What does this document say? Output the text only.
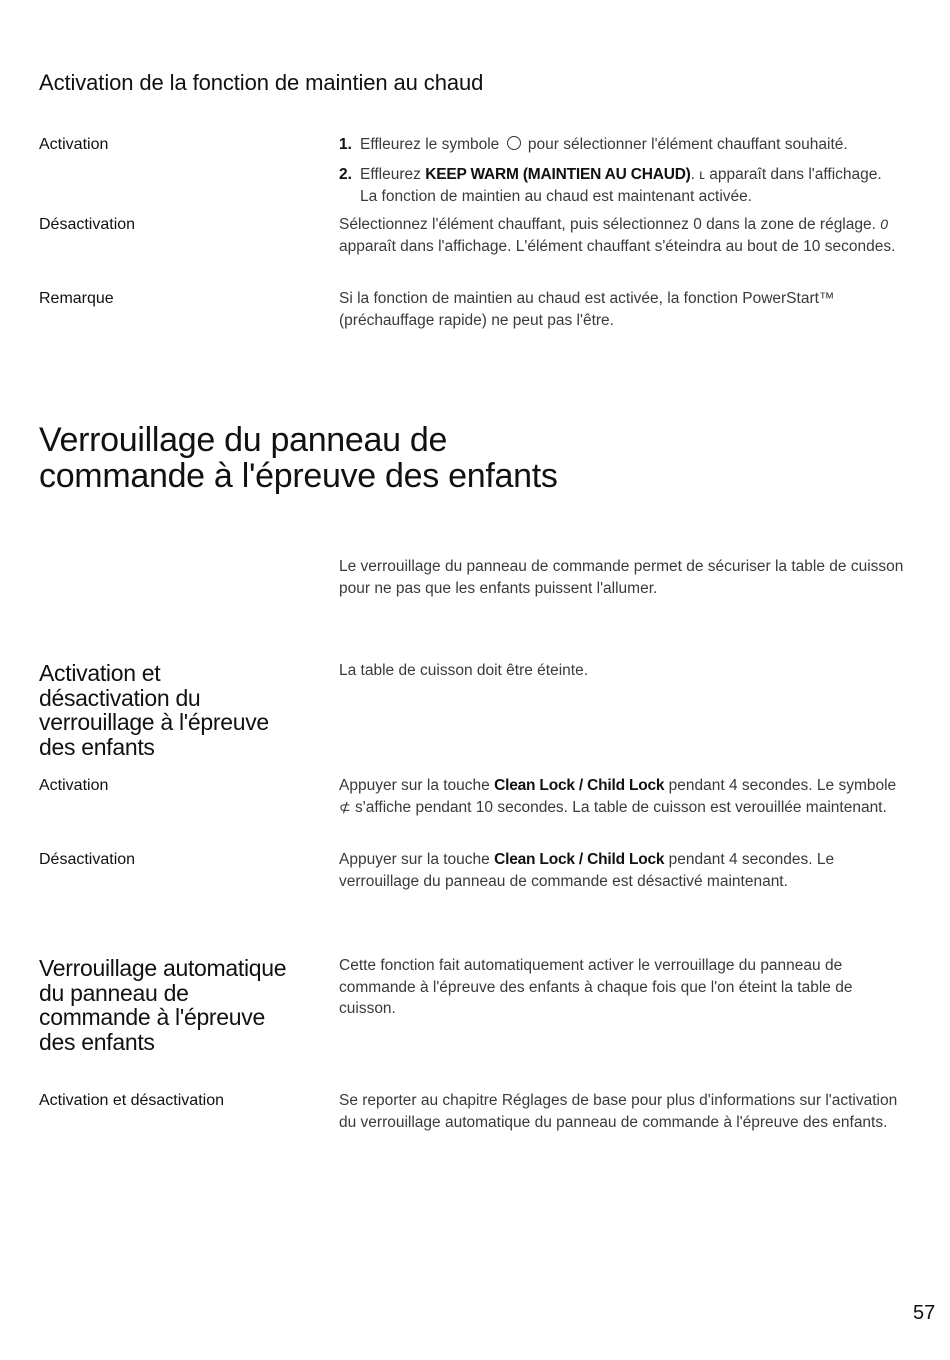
Activation de la fonction de maintien au chaud
Activation	1. Effleurez le symbole pour sélectionner l'élément chauffant souhaité.
2. Effleurez KEEP WARM (MAINTIEN AU CHAUD). ʟ apparaît dans l'affichage.
La fonction de maintien au chaud est maintenant activée.
Désactivation	Sélectionnez l'élément chauffant, puis sélectionnez 0 dans la zone de réglage. 0
apparaît dans l'affichage. L'élément chauffant s'éteindra au bout de 10 secondes.
Remarque	Si la fonction de maintien au chaud est activée, la fonction PowerStart™
(préchauffage rapide) ne peut pas l'être.
Verrouillage du panneau de
commande à l'épreuve des enfants
Le verrouillage du panneau de commande permet de sécuriser la table de cuisson
pour ne pas que les enfants puissent l'allumer.
Activation et
désactivation du
verrouillage à l'épreuve
des enfants
La table de cuisson doit être éteinte.
Activation	Appuyer sur la touche Clean Lock / Child Lock pendant 4 secondes. Le symbole
⊄ s'affiche pendant 10 secondes. La table de cuisson est verouillée maintenant.
Désactivation	Appuyer sur la touche Clean Lock / Child Lock pendant 4 secondes. Le
verrouillage du panneau de commande est désactivé maintenant.
Verrouillage automatique
du panneau de
commande à l'épreuve
des enfants
Cette fonction fait automatiquement activer le verrouillage du panneau de
commande à l'épreuve des enfants à chaque fois que l'on éteint la table de
cuisson.
Activation et désactivation	Se reporter au chapitre Réglages de base pour plus d'informations sur l'activation
du verrouillage automatique du panneau de commande à l'épreuve des enfants.
57
